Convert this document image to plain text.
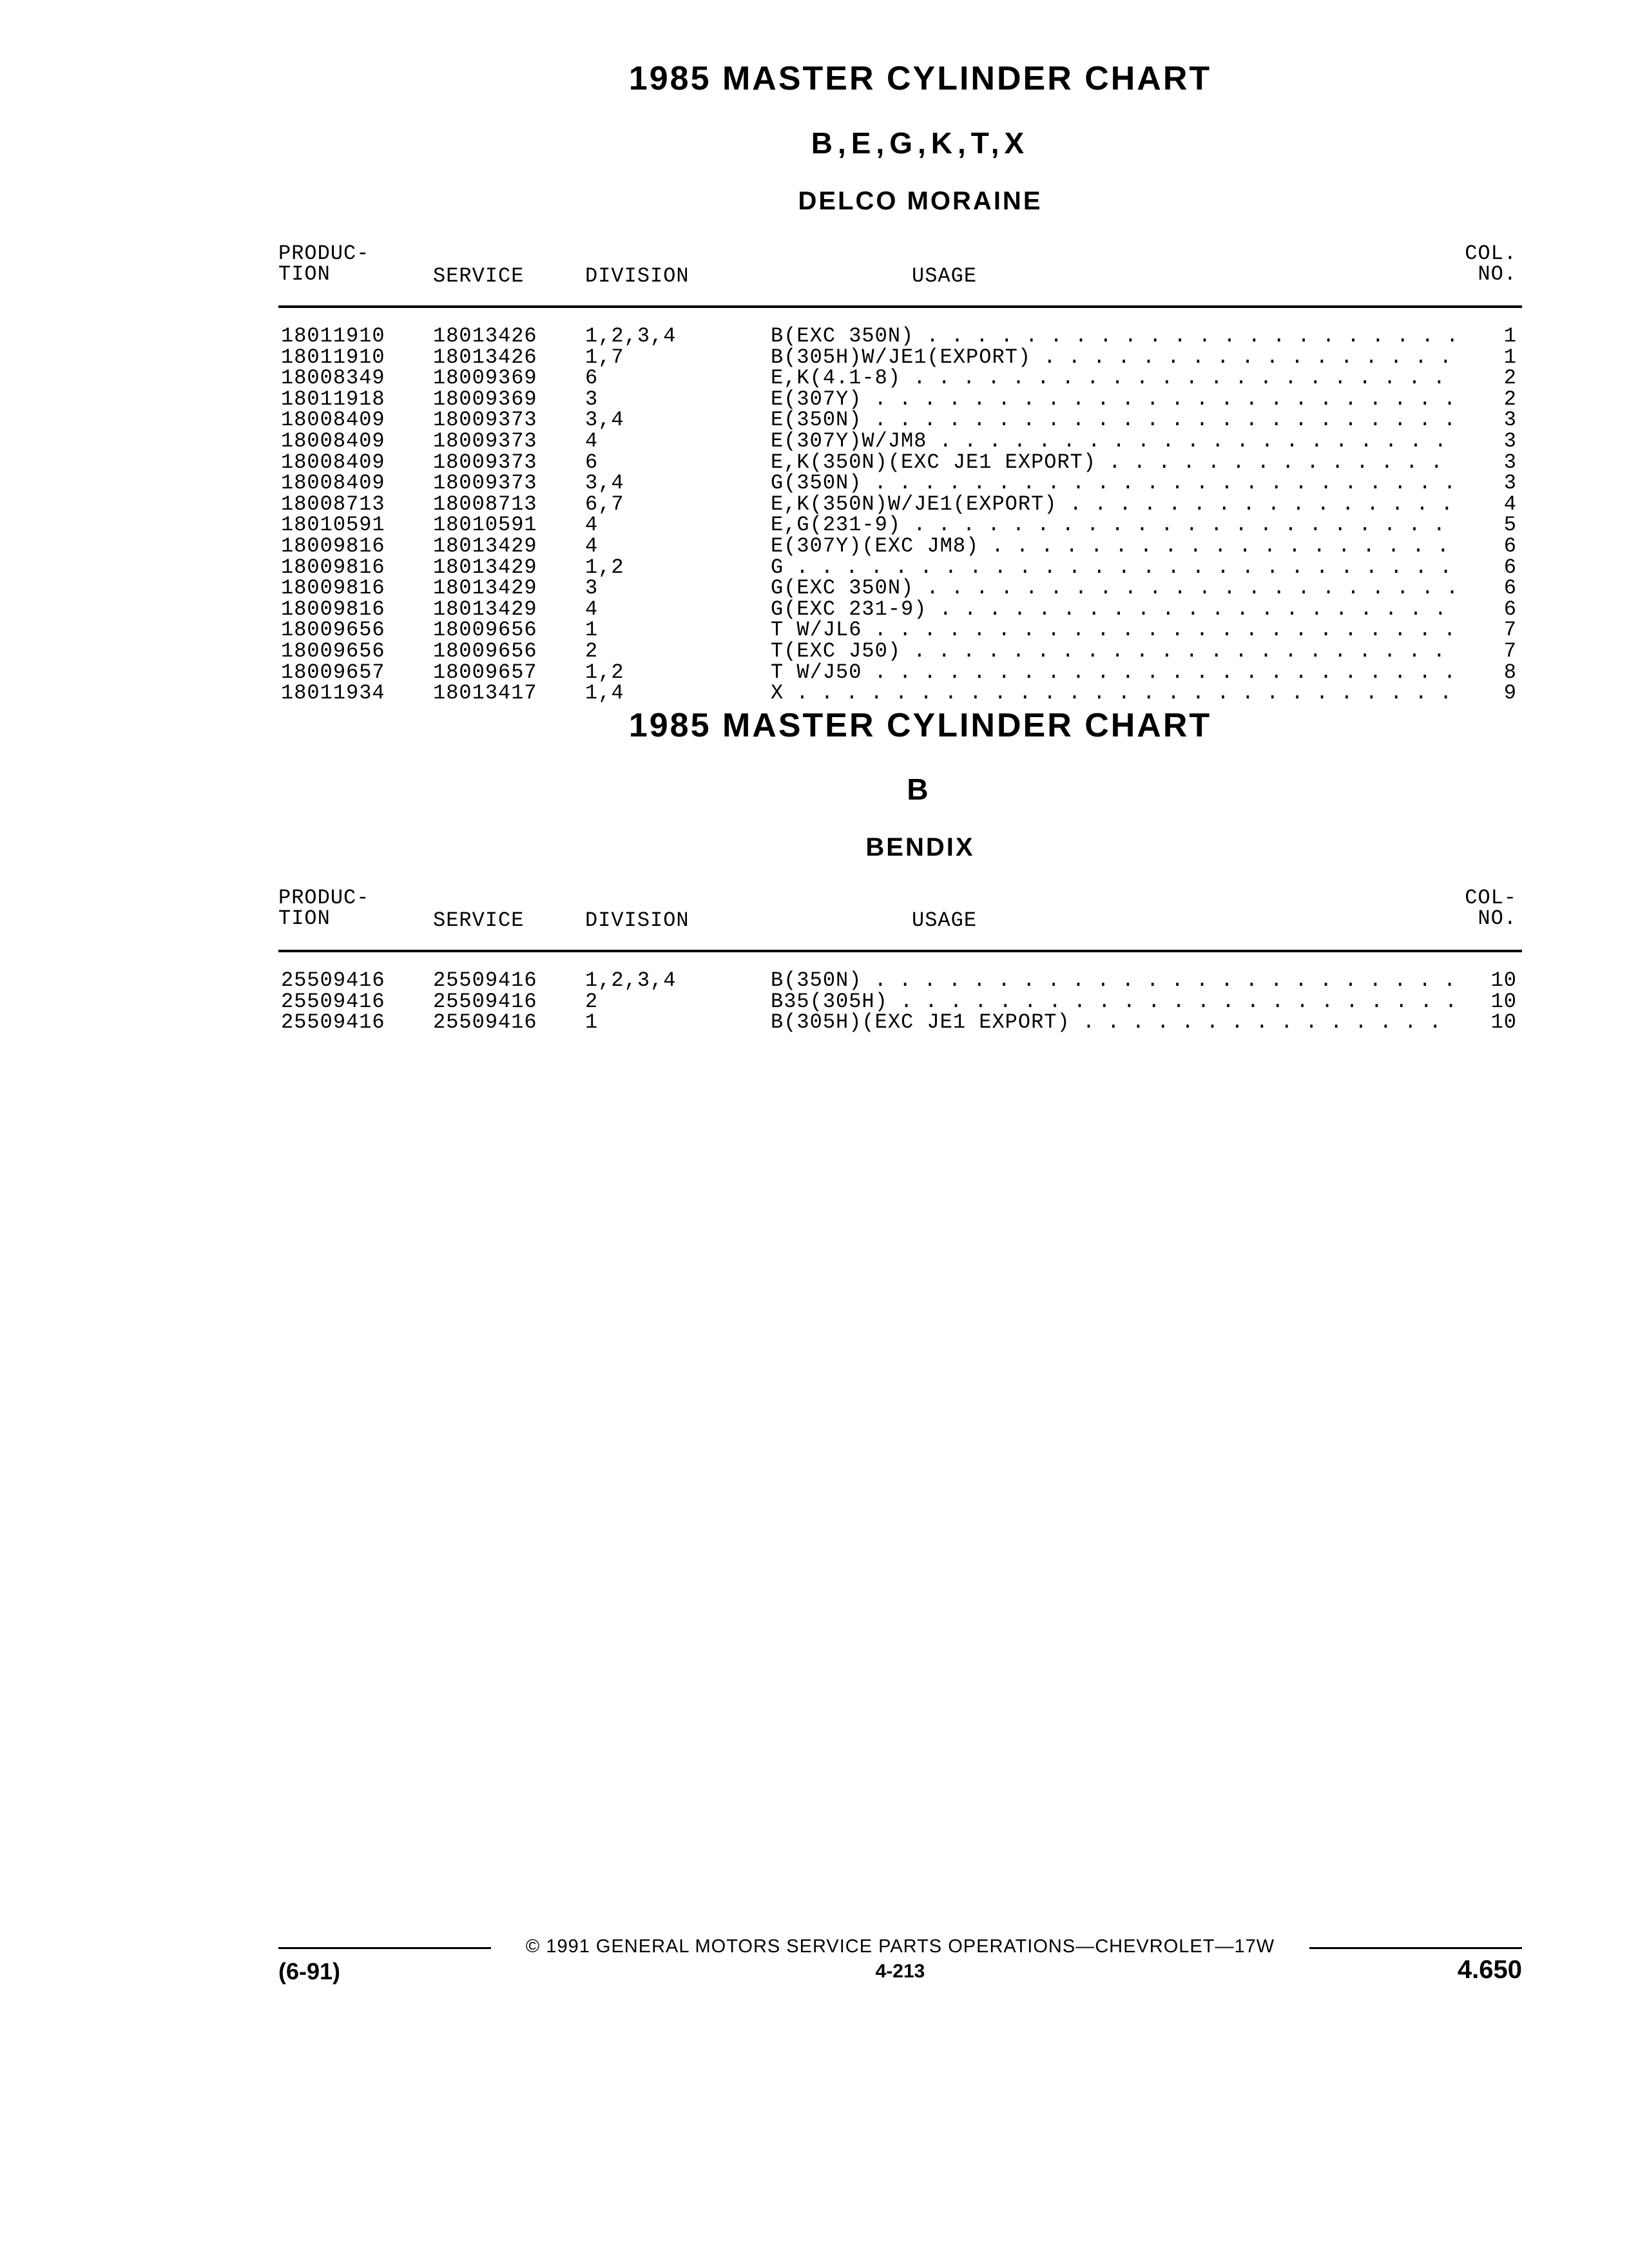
1985 MASTER CYLINDER CHART
B,E,G,K,T,X
DELCO MORAINE
PRODUC-
TION	SERVICE	DIVISION	USAGE
COL.
NO.
18011910 18013426 1,2,3,4	B(EXC 350N) . . .	1
18011910 18013426 1,7	B(305H)W/JE1(EXPORT) . . .	1
18008349 18009369 6	E,K(4.1-8) . . .	2
18011918 18009369 3	E(307Y) . . .	2
18008409 18009373 3,4	E(350N) . . .	3
18008409 18009373 4	E(307Y)W/JM8 . . .	3
18008409 18009373 6	E,K(350N)(EXC JE1 EXPORT) . . .	3
18008409 18009373 3,4	G(350N) . . .	3
18008713 18008713 6,7	E,K(350N)W/JE1(EXPORT) . . .	4
18010591 18010591 4	E,G(231-9) . . .	5
18009816 18013429 4	E(307Y)(EXC JM8) . . .	6
18009816 18013429 1,2	G . . .	6
18009816 18013429 3	G(EXC 350N) . . .	6
18009816 18013429 4	G(EXC 231-9) . . .	6
18009656 18009656 1	T W/JL6 . . .	7
18009656 18009656 2	T(EXC J50) . . .	7
18009657 18009657 1,2	T W/J50 . . .	8
18011934 18013417 1,4	X . . .	9
1985 MASTER CYLINDER CHART
B
BENDIX
PRODUC-
TION	SERVICE	DIVISION	USAGE
COL-
NO.
25509416 25509416 1,2,3,4	B(350N) . . .	10
25509416 25509416 2	B35(305H) . . .	10
25509416 25509416 1	B(305H)(EXC JE1 EXPORT) . . .	10
© 1991 GENERAL MOTORS SERVICE PARTS OPERATIONS—CHEVROLET—17W
(6-91)	4-213	4.650
